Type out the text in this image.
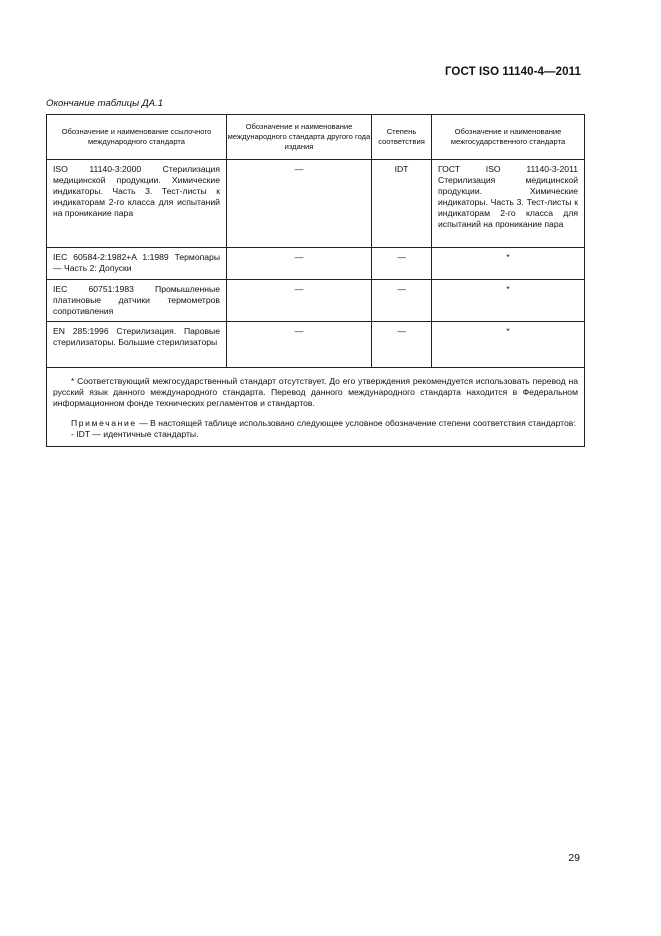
ГОСТ ISO 11140-4—2011
Окончание таблицы ДА.1
Обозначение и наименование ссылочного международного стандарта	Обозначение и наименование международного стандарта другого года издания	Степень соответствия	Обозначение и наименование межгосударственного стандарта

ISO 11140-3:2000 Стерилизация медицинской продукции. Химические индикаторы. Часть 3. Тест-листы к индикаторам 2-го класса для испытаний на проникание пара	—	IDT	ГОСТ ISO 11140-3-2011 Стерилизация медицинской продукции. Химические индикаторы. Часть 3. Тест-листы к индикаторам 2-го класса для испытаний на проникание пара

IEC 60584-2:1982+A 1:1989 Термопары — Часть 2: Допуски	—	—	*

IEC 60751:1983 Промышленные платиновые датчики термометров сопротивления	—	—	*

EN 285:1996 Стерилизация. Паровые стерилизаторы. Большие стерилизаторы	—	—	*

* Соответствующий межгосударственный стандарт отсутствует. До его утверждения рекомендуется использовать перевод на русский язык данного международного стандарта. Перевод данного международного стандарта находится в Федеральном информационном фонде технических регламентов и стандартов.

Примечание — В настоящей таблице использовано следующее условное обозначение степени соответствия стандартов:

- IDT — идентичные стандарты.			

29
